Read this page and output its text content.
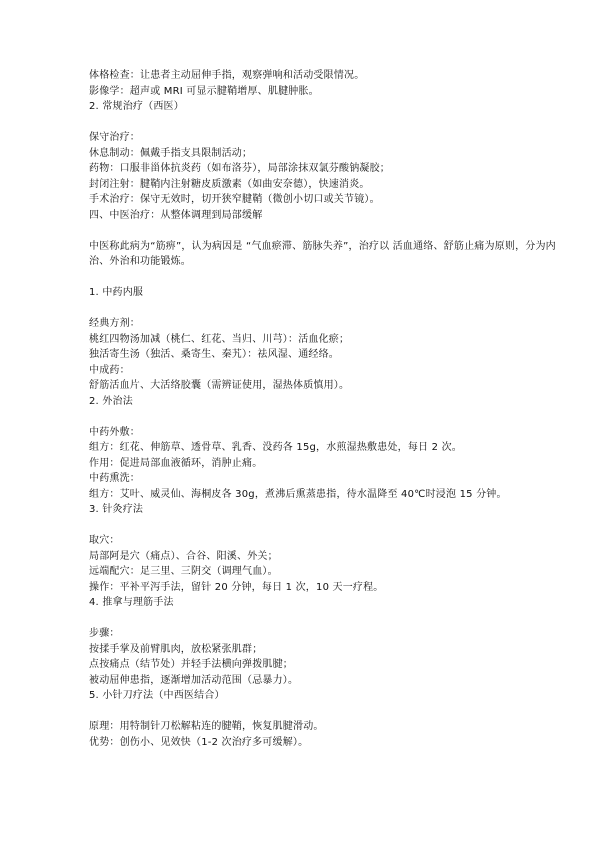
体格检查：让患者主动屈伸手指，观察弹响和活动受限情况。
影像学：超声或 MRI 可显示腱鞘增厚、肌腱肿胀。
2. 常规治疗（西医）
保守治疗：
休息制动：佩戴手指支具限制活动；
药物：口服非甾体抗炎药（如布洛芬），局部涂抹双氯芬酸钠凝胶；
封闭注射：腱鞘内注射糖皮质激素（如曲安奈德），快速消炎。
手术治疗：保守无效时，切开狭窄腱鞘（微创小切口或关节镜）。
四、中医治疗：从整体调理到局部缓解
中医称此病为“筋痹”，认为病因是 “气血瘀滞、筋脉失养”，治疗以 活血通络、舒筋止痛为原则，分为内治、外治和功能锻炼。
1. 中药内服
经典方剂：
桃红四物汤加减（桃仁、红花、当归、川芎）：活血化瘀；
独活寄生汤（独活、桑寄生、秦艽）：祛风湿、通经络。
中成药：
舒筋活血片、大活络胶囊（需辨证使用，湿热体质慎用）。
2. 外治法
中药外敷：
组方：红花、伸筋草、透骨草、乳香、没药各 15g，水煎湿热敷患处，每日 2 次。
作用：促进局部血液循环，消肿止痛。
中药熏洗：
组方：艾叶、威灵仙、海桐皮各 30g，煮沸后熏蒸患指，待水温降至 40℃时浸泡 15 分钟。
3. 针灸疗法
取穴：
局部阿是穴（痛点）、合谷、阳溪、外关；
远端配穴：足三里、三阴交（调理气血）。
操作：平补平泻手法，留针 20 分钟，每日 1 次，10 天一疗程。
4. 推拿与理筋手法
步骤：
按揉手掌及前臂肌肉，放松紧张肌群；
点按痛点（结节处）并轻手法横向弹拨肌腱；
被动屈伸患指，逐渐增加活动范围（忌暴力）。
5. 小针刀疗法（中西医结合）
原理：用特制针刀松解粘连的腱鞘，恢复肌腱滑动。
优势：创伤小、见效快（1-2 次治疗多可缓解）。
